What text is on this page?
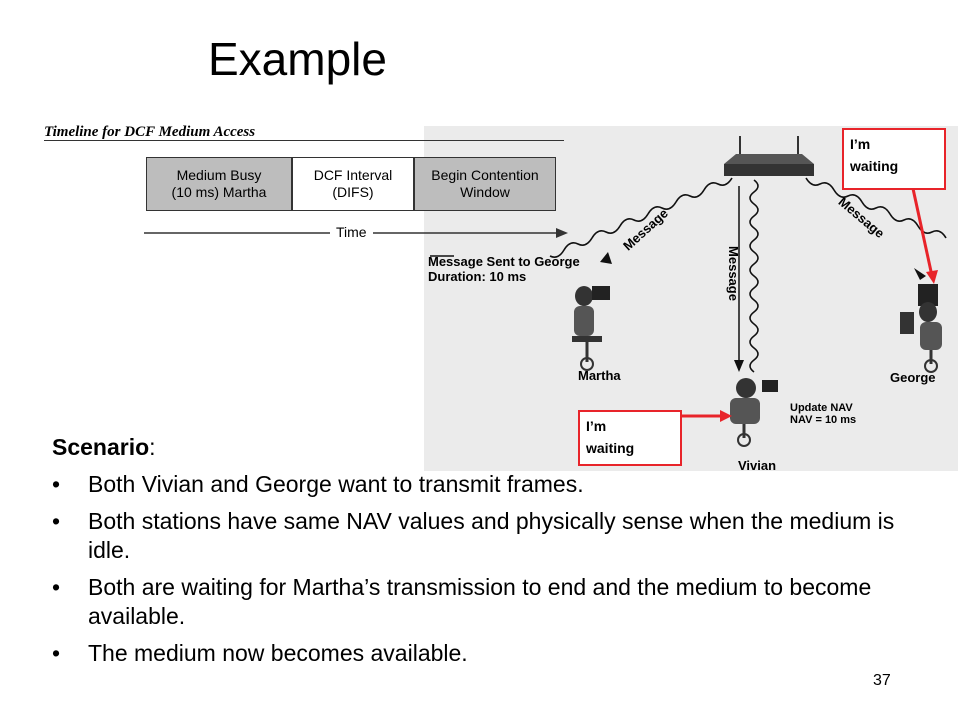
Example
Timeline for DCF Medium Access
Medium Busy
(10 ms) Martha
DCF Interval
(DIFS)
Begin Contention
Window
Time	Message	Message
Message
Message Sent to George
Duration: 10 ms
Martha	George
Vivian
Update NAV
NAV = 10 ms
I’m
waiting
I’m
waiting
Scenario:
• Both Vivian and George want to transmit frames.
• Both stations have same NAV values and physically sense when the medium is idle.
• Both are waiting for Martha’s transmission to end and the medium to become available.
• The medium now becomes available.
37
